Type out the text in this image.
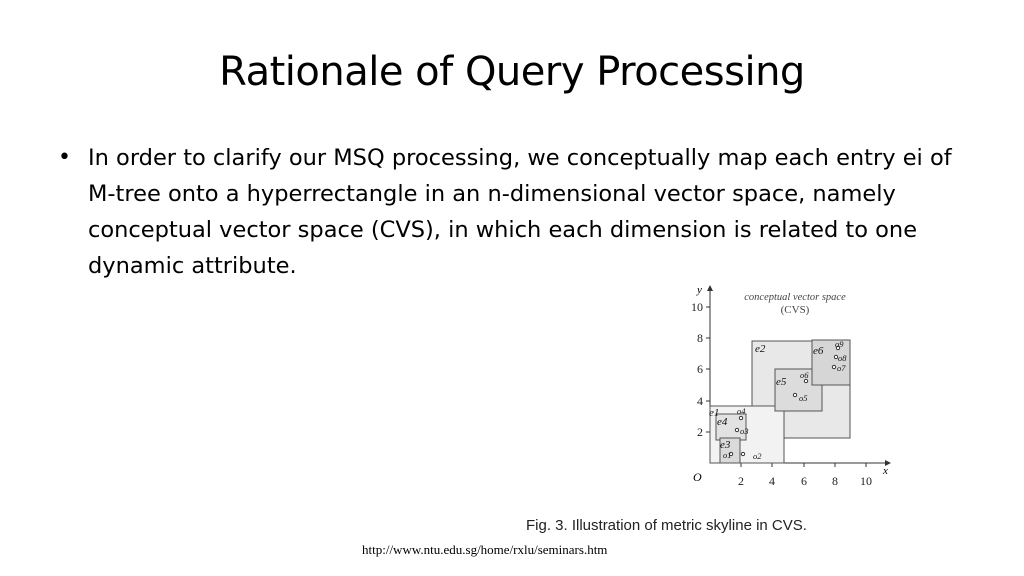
Rationale of Query Processing
• In order to clarify our MSQ processing, we conceptually map each entry ei of M-tree onto a hyperrectangle in an n-dimensional vector space, namely conceptual vector space (CVS), in which each dimension is related to one dynamic attribute.
conceptual vector space
(CVS)
y
x
O	2 4 6 8 10
2
4
6
8
10
e1
e2
e3
e4
e5
e6
o1	o2
o3
o4
o5
o6
o7
o8
o9
Fig. 3. Illustration of metric skyline in CVS.
http://www.ntu.edu.sg/home/rxlu/seminars.htm
